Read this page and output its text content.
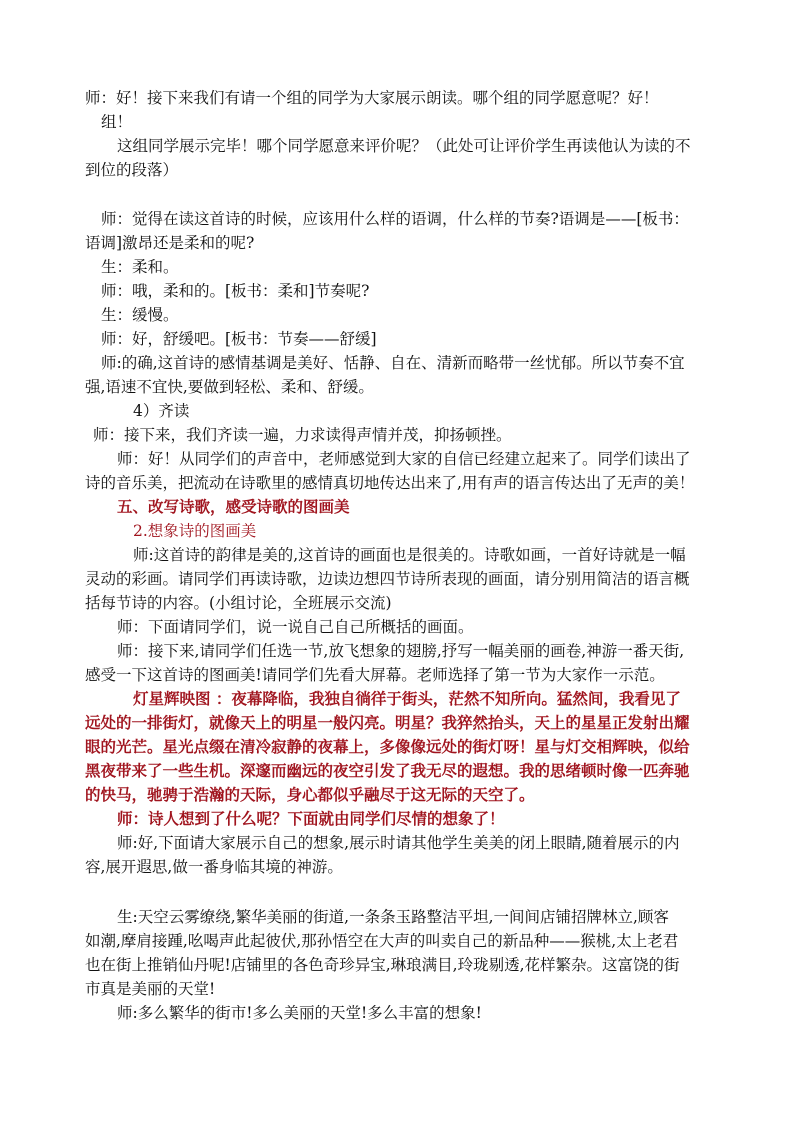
师：好！接下来我们有请一个组的同学为大家展示朗读。哪个组的同学愿意呢？好！
组！
这组同学展示完毕！哪个同学愿意来评价呢？（此处可让评价学生再读他认为读的不
到位的段落）
师：觉得在读这首诗的时候，应该用什么样的语调，什么样的节奏?语调是——[板书：
语调]激昂还是柔和的呢?
生：柔和。
师：哦，柔和的。[板书：柔和]节奏呢?
生：缓慢。
师：好，舒缓吧。[板书：节奏——舒缓]
师:的确,这首诗的感情基调是美好、恬静、自在、清新而略带一丝忧郁。所以节奏不宜
强,语速不宜快,要做到轻松、柔和、舒缓。
4）齐读
师：接下来，我们齐读一遍，力求读得声情并茂，抑扬顿挫。
师：好！从同学们的声音中，老师感觉到大家的自信已经建立起来了。同学们读出了
诗的音乐美，把流动在诗歌里的感情真切地传达出来了,用有声的语言传达出了无声的美！
五、改写诗歌，感受诗歌的图画美
2.想象诗的图画美
师:这首诗的韵律是美的,这首诗的画面也是很美的。诗歌如画，一首好诗就是一幅
灵动的彩画。请同学们再读诗歌，边读边想四节诗所表现的画面，请分别用简洁的语言概
括每节诗的内容。(小组讨论，全班展示交流)
师：下面请同学们，说一说自己自己所概括的画面。
师：接下来,请同学们任选一节,放飞想象的翅膀,抒写一幅美丽的画卷,神游一番天街,
感受一下这首诗的图画美!请同学们先看大屏幕。老师选择了第一节为大家作一示范。
灯星辉映图 ：夜幕降临，我独自徜徉于街头，茫然不知所向。猛然间，我看见了
远处的一排街灯，就像天上的明星一般闪亮。明星？我猝然抬头，天上的星星正发射出耀
眼的光芒。星光点缀在清冷寂静的夜幕上，多像像远处的街灯呀！星与灯交相辉映，似给
黑夜带来了一些生机。深邃而幽远的夜空引发了我无尽的遐想。我的思绪顿时像一匹奔驰
的快马，驰骋于浩瀚的天际，身心都似乎融尽于这无际的天空了。
师：诗人想到了什么呢？下面就由同学们尽情的想象了！
师:好,下面请大家展示自己的想象,展示时请其他学生美美的闭上眼睛,随着展示的内
容,展开遐思,做一番身临其境的神游。
生:天空云雾缭绕,繁华美丽的街道,一条条玉路整洁平坦,一间间店铺招牌林立,顾客
如潮,摩肩接踵,吆喝声此起彼伏,那孙悟空在大声的叫卖自己的新品种——猴桃,太上老君
也在街上推销仙丹呢!店铺里的各色奇珍异宝,琳琅满目,玲珑剔透,花样繁杂。这富饶的街
市真是美丽的天堂!
师:多么繁华的街市!多么美丽的天堂!多么丰富的想象!
